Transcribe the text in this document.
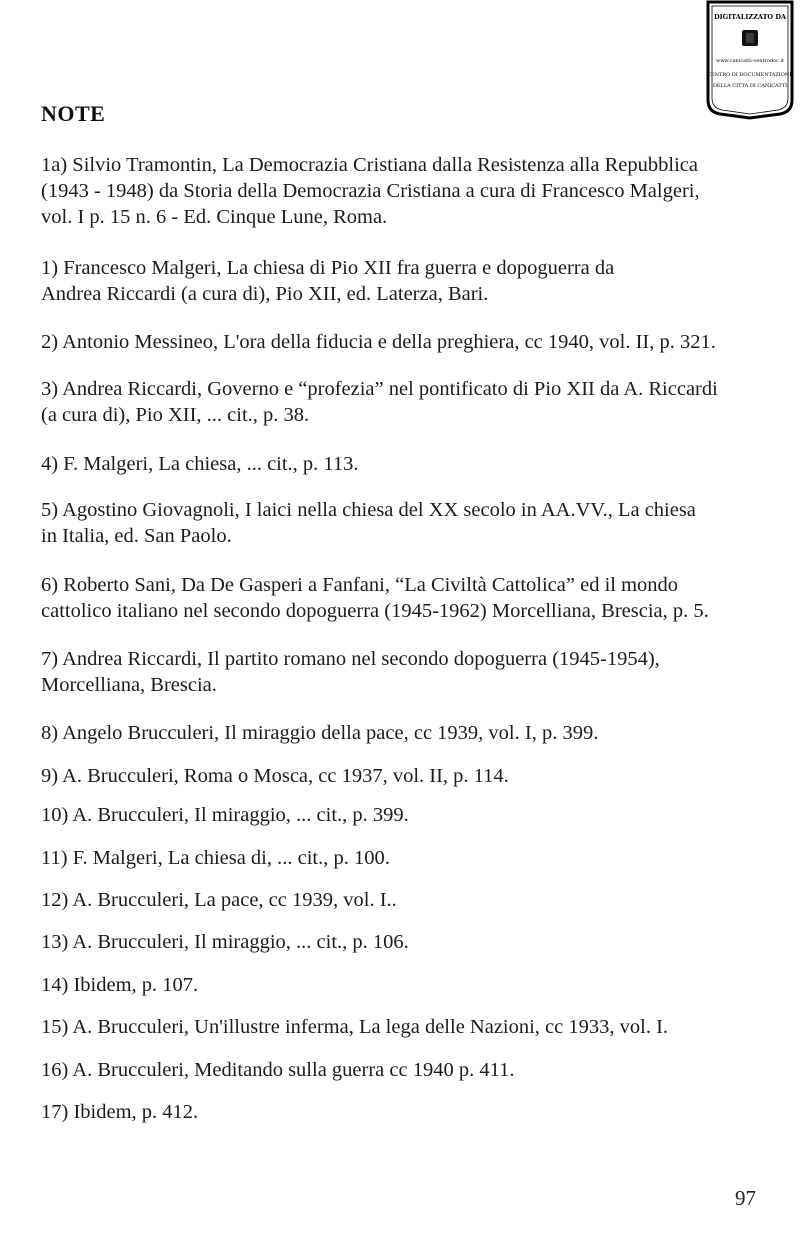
DIGITALIZZATO DA
www.canicatti-centrodoc.it
CENTRO DI DOCUMENTAZIONE
DELLA CITTÀ DI CANICATTÌ
NOTE
1a) Silvio Tramontin, La Democrazia Cristiana dalla Resistenza alla Repubblica
(1943 - 1948) da Storia della Democrazia Cristiana a cura di Francesco Malgeri,
vol. I p. 15 n. 6 - Ed. Cinque Lune, Roma.
1) Francesco Malgeri, La chiesa di Pio XII fra guerra e dopoguerra da
Andrea Riccardi (a cura di), Pio XII, ed. Laterza, Bari.
2) Antonio Messineo, L'ora della fiducia e della preghiera, cc 1940, vol. II, p. 321.
3) Andrea Riccardi, Governo e “profezia” nel pontificato di Pio XII da A. Riccardi
(a cura di), Pio XII, ... cit., p. 38.
4) F. Malgeri, La chiesa, ... cit., p. 113.
5) Agostino Giovagnoli, I laici nella chiesa del XX secolo in AA.VV., La chiesa
in Italia, ed. San Paolo.
6) Roberto Sani, Da De Gasperi a Fanfani, “La Civiltà Cattolica” ed il mondo
cattolico italiano nel secondo dopoguerra (1945-1962) Morcelliana, Brescia, p. 5.
7) Andrea Riccardi, Il partito romano nel secondo dopoguerra (1945-1954),
Morcelliana, Brescia.
8) Angelo Brucculeri, Il miraggio della pace, cc 1939, vol. I, p. 399.
9) A. Brucculeri, Roma o Mosca, cc 1937, vol. II, p. 114.
10) A. Brucculeri, Il miraggio, ... cit., p. 399.
11) F. Malgeri, La chiesa di, ... cit., p. 100.
12) A. Brucculeri, La pace, cc 1939, vol. I..
13) A. Brucculeri, Il miraggio, ... cit., p. 106.
14) Ibidem, p. 107.
15) A. Brucculeri, Un'illustre inferma, La lega delle Nazioni, cc 1933, vol. I.
16) A. Brucculeri, Meditando sulla guerra cc 1940 p. 411.
17) Ibidem, p. 412.
97
